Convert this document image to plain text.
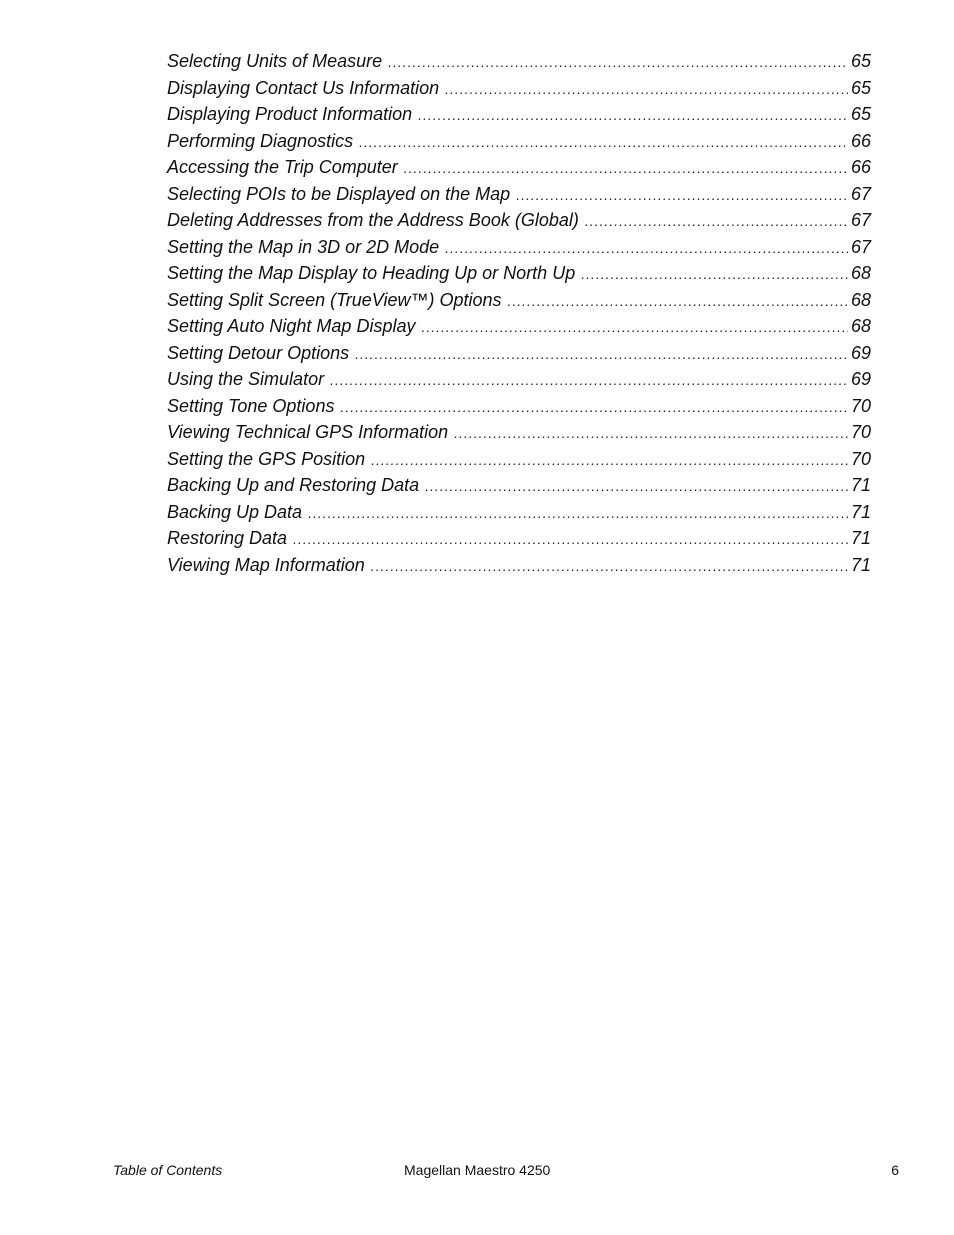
Selecting Units of Measure .....	65
Displaying Contact Us Information .....	65
Displaying Product Information .....	65
Performing Diagnostics .....	66
Accessing the Trip Computer .....	66
Selecting POIs to be Displayed on the Map .....	67
Deleting Addresses from the Address Book (Global) .....	67
Setting the Map in 3D or 2D Mode .....	67
Setting the Map Display to Heading Up or North Up .....	68
Setting Split Screen (TrueView™) Options .....	68
Setting Auto Night Map Display .....	68
Setting Detour Options .....	69
Using the Simulator .....	69
Setting Tone Options .....	70
Viewing Technical GPS Information .....	70
Setting the GPS Position .....	70
Backing Up and Restoring Data .....	71
Backing Up Data .....	71
Restoring Data .....	71
Viewing Map Information .....	71
Table of Contents	Magellan Maestro 4250	6
